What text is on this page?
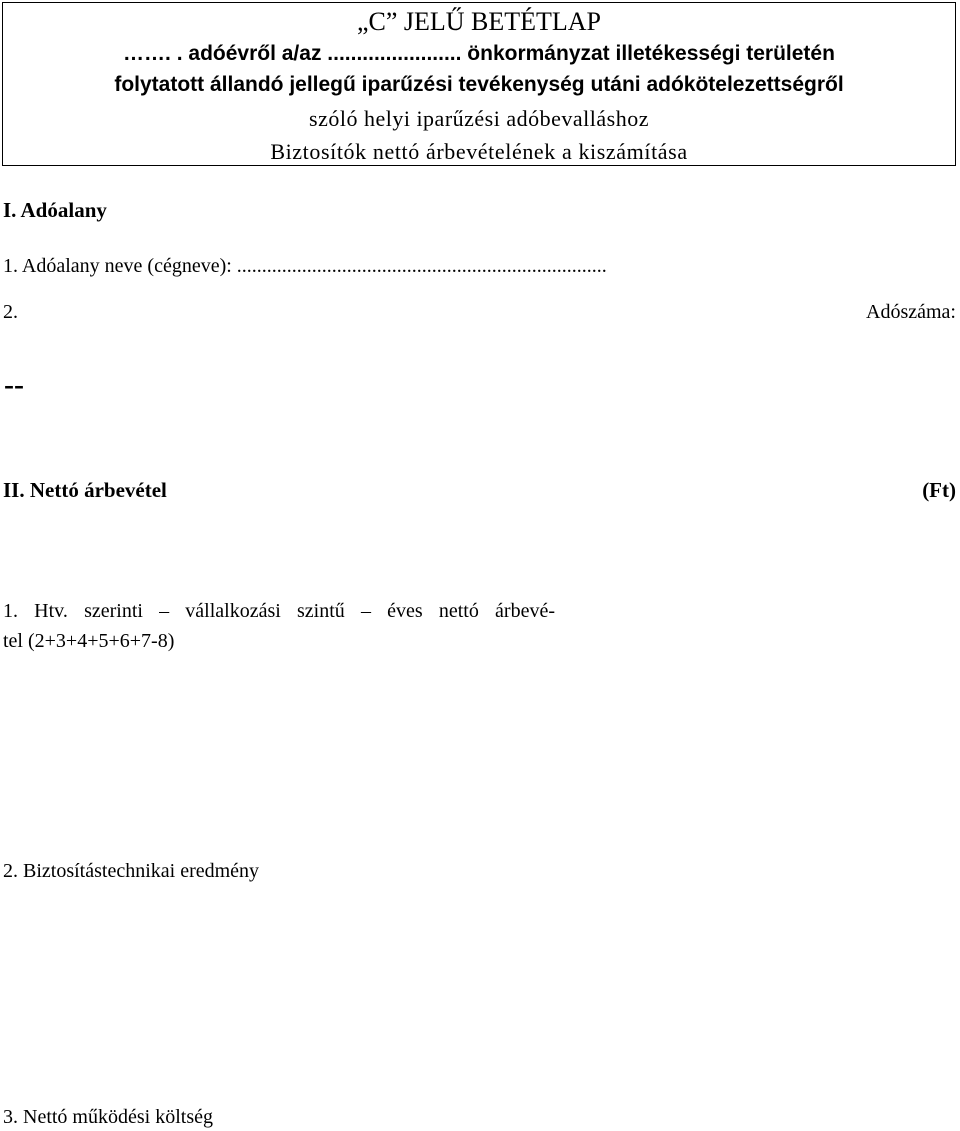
„C” JELŰ BETÉTLAP
……. . adóévről a/az ....................... önkormányzat illetékességi területén
folytatott állandó jellegű iparűzési tevékenység utáni adókötelezettségről
szóló helyi iparűzési adóbevalláshoz
Biztosítók nettó árbevételének a kiszámítása
I. Adóalany
1. Adóalany neve (cégneve): ..........................................................................
2.	Adószáma:
--
II. Nettó árbevétel	(Ft)
1. Htv. szerinti – vállalkozási szintű – éves nettó árbevé-
tel (2+3+4+5+6+7-8)
2. Biztosítástechnikai eredmény
3. Nettó működési költség
